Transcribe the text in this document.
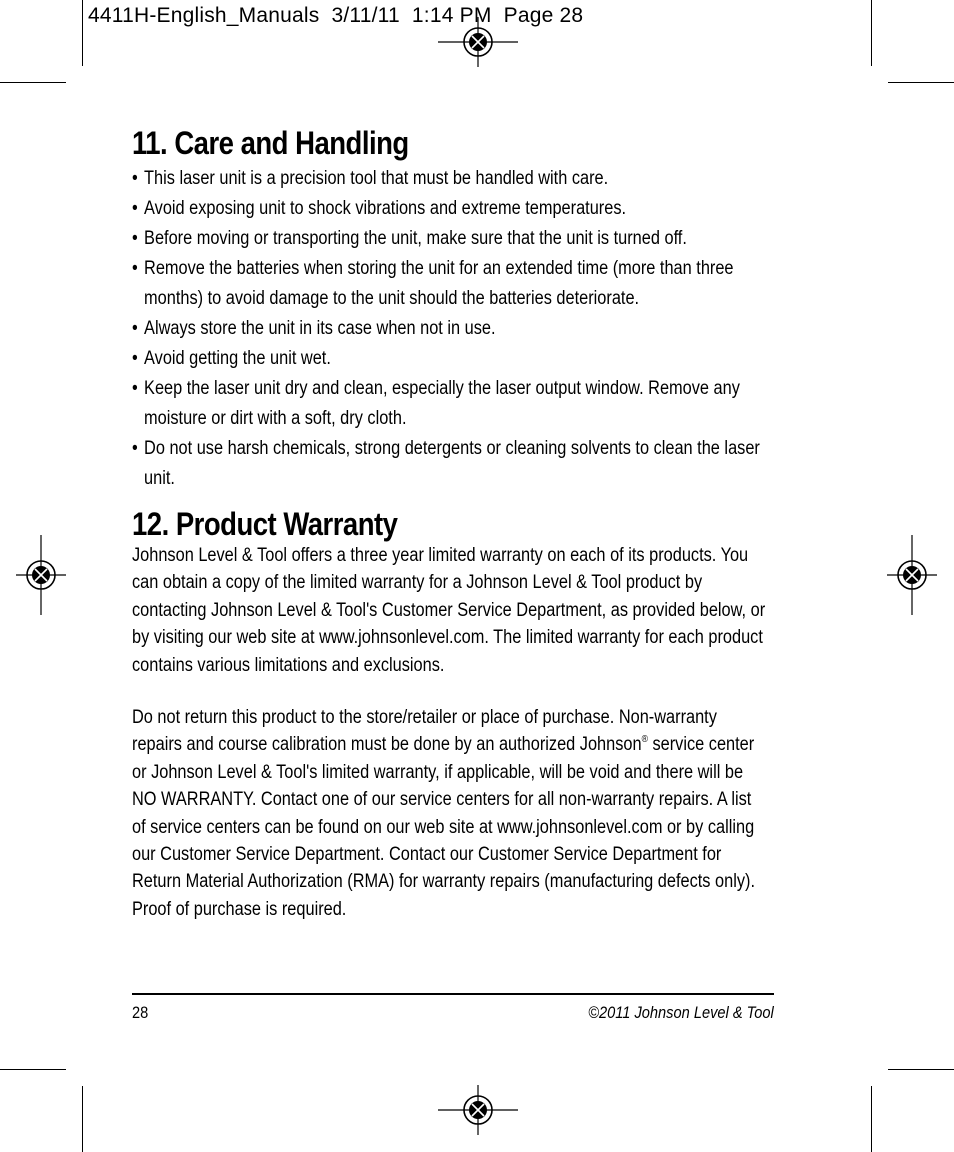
4411H-English_Manuals  3/11/11  1:14 PM  Page 28
11. Care and Handling
• This laser unit is a precision tool that must be handled with care.
• Avoid exposing unit to shock vibrations and extreme temperatures.
• Before moving or transporting the unit, make sure that the unit is turned off.
• Remove the batteries when storing the unit for an extended time (more than three months) to avoid damage to the unit should the batteries deteriorate.
• Always store the unit in its case when not in use.
• Avoid getting the unit wet.
• Keep the laser unit dry and clean, especially the laser output window. Remove any moisture or dirt with a soft, dry cloth.
• Do not use harsh chemicals, strong detergents or cleaning solvents to clean the laser unit.
12. Product Warranty

Johnson Level & Tool offers a three year limited warranty on each of its products. You can obtain a copy of the limited warranty for a Johnson Level & Tool product by contacting Johnson Level & Tool's Customer Service Department, as provided below, or by visiting our web site at www.johnsonlevel.com. The limited warranty for each product contains various limitations and exclusions.

Do not return this product to the store/retailer or place of purchase. Non-warranty repairs and course calibration must be done by an authorized Johnson® service center or Johnson Level & Tool's limited warranty, if applicable, will be void and there will be NO WARRANTY. Contact one of our service centers for all non-warranty repairs. A list of service centers can be found on our web site at www.johnsonlevel.com or by calling our Customer Service Department. Contact our Customer Service Department for Return Material Authorization (RMA) for warranty repairs (manufacturing defects only). Proof of purchase is required.

28	©2011 Johnson Level & Tool
